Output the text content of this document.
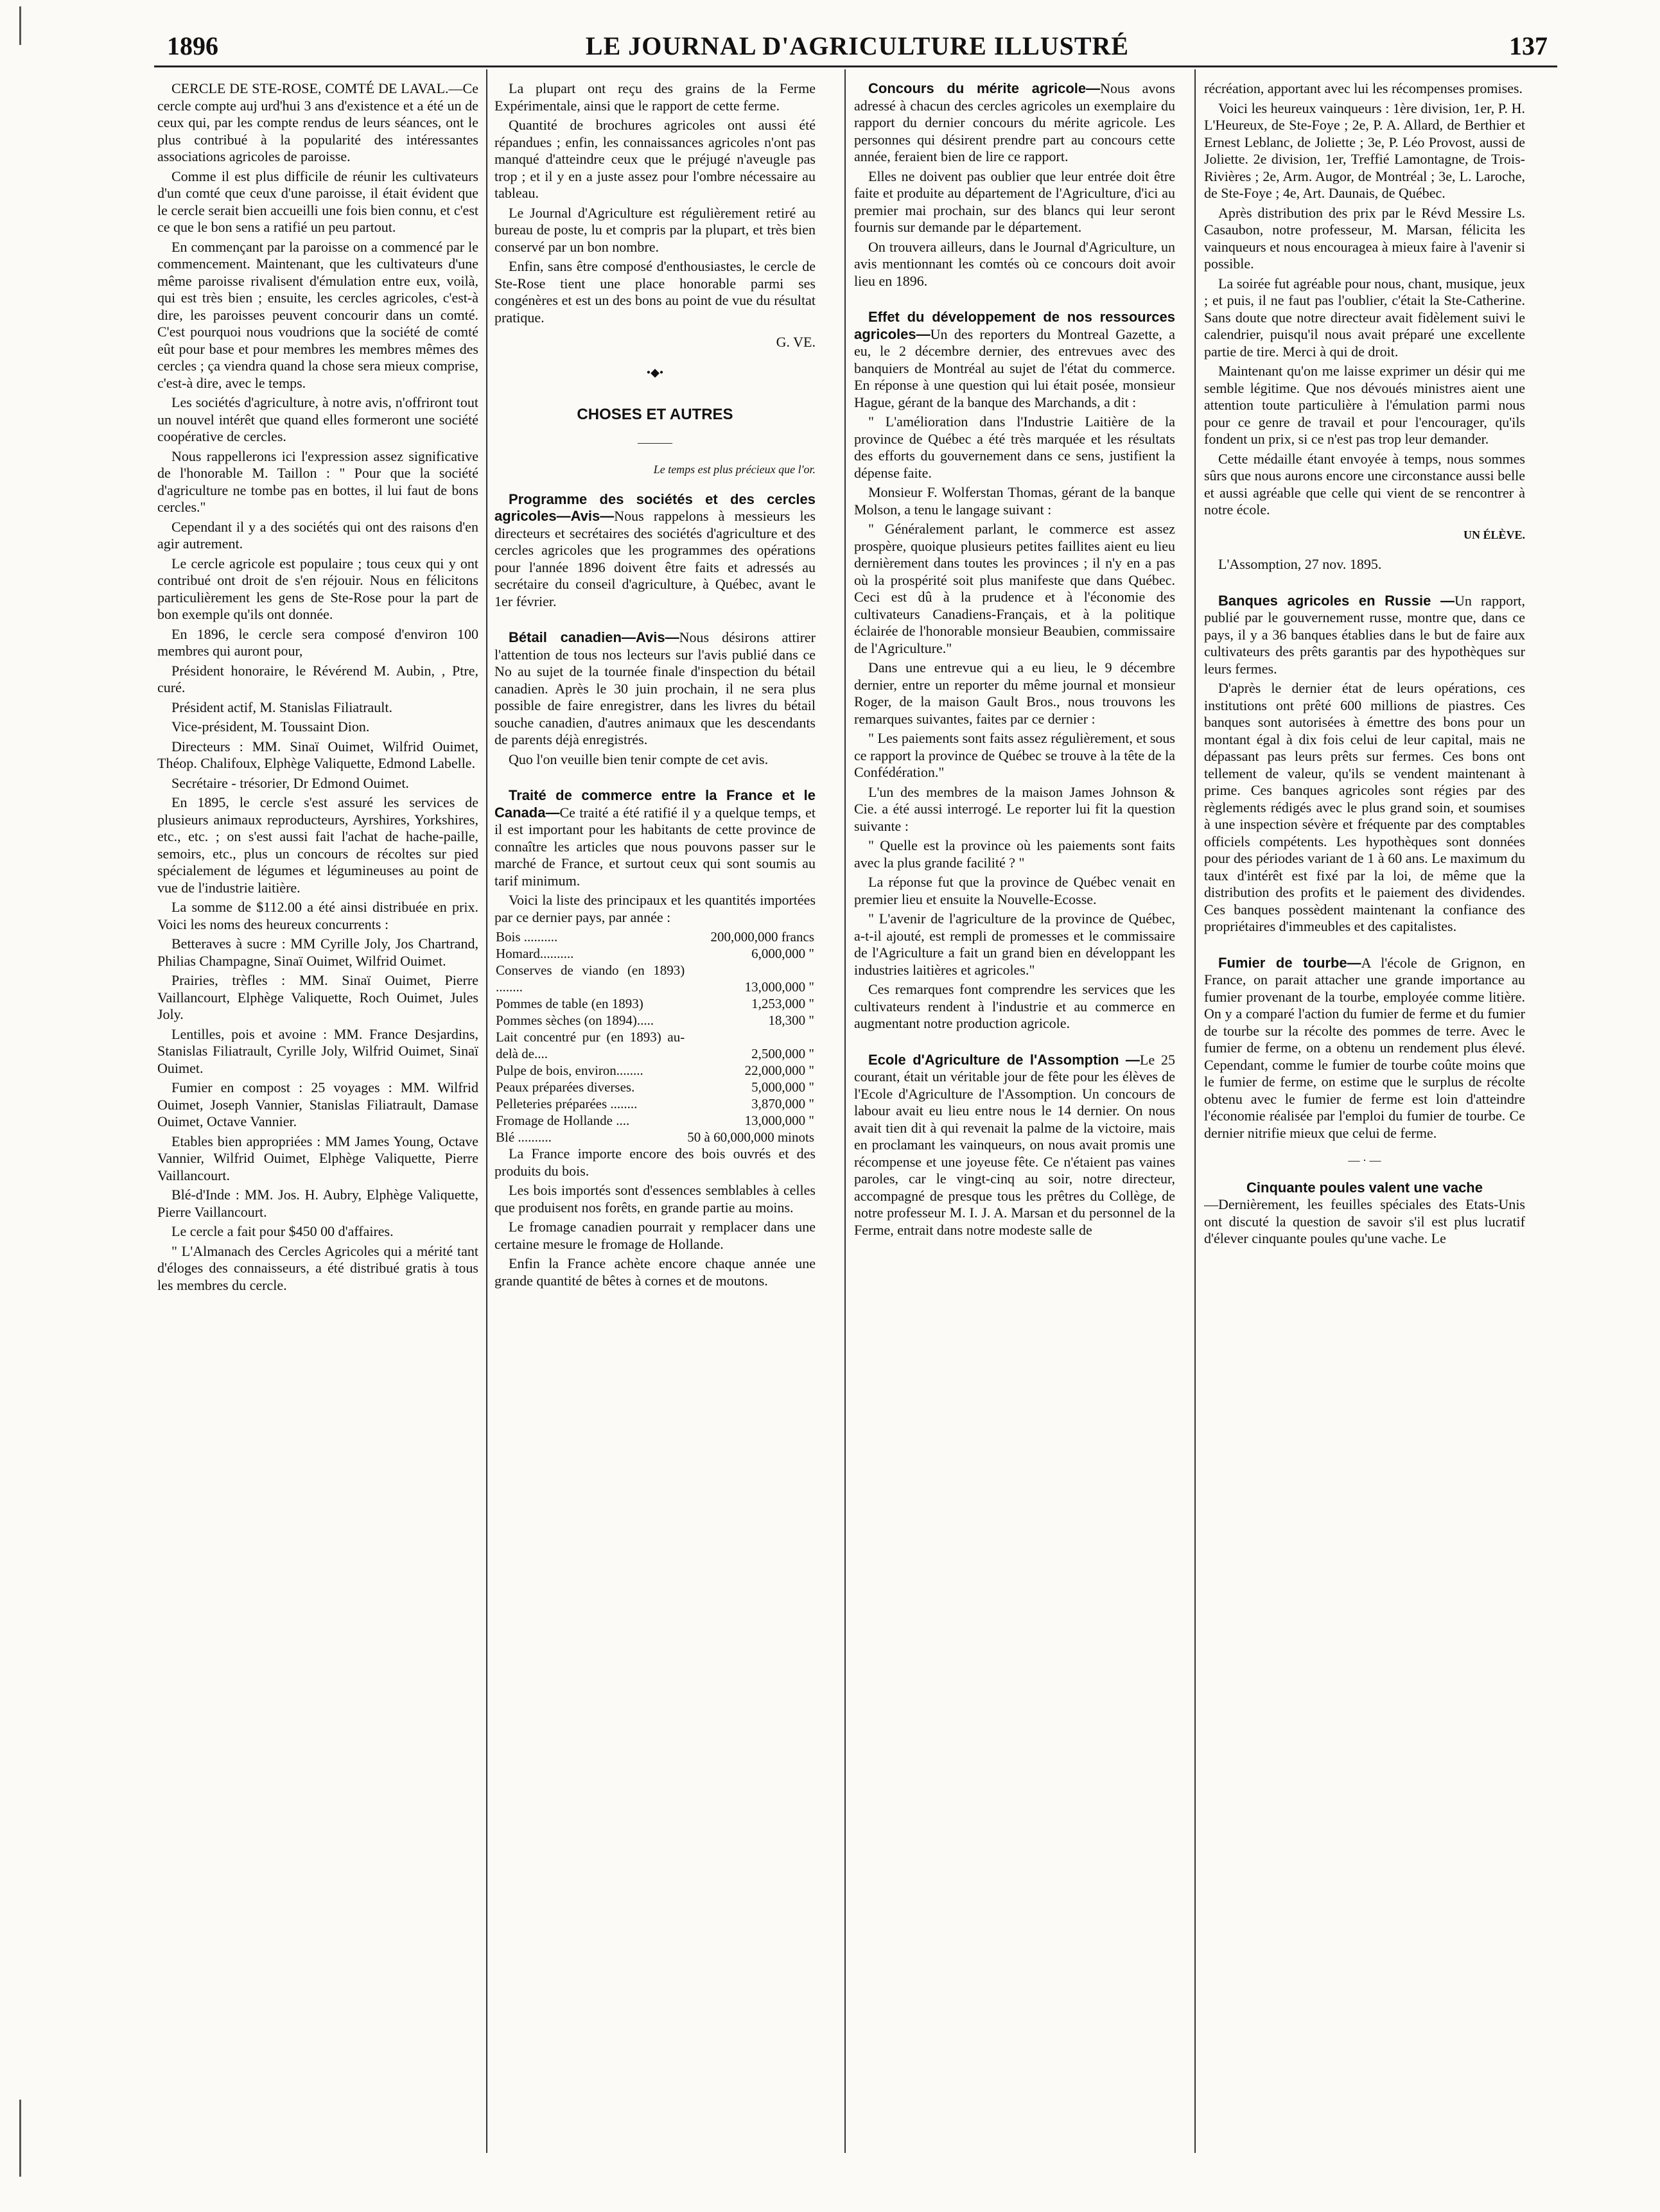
1896	LE JOURNAL D'AGRICULTURE ILLUSTRÉ	137

CERCLE DE STE-ROSE, COMTÉ DE LAVAL.—Ce cercle compte auj urd'hui 3 ans d'existence et a été un de ceux qui, par les compte rendus de leurs séances, ont le plus contribué à la popularité des intéressantes associations agricoles de paroisse.

Comme il est plus difficile de réunir les cultivateurs d'un comté que ceux d'une paroisse, il était évident que le cercle serait bien accueilli une fois bien connu, et c'est ce que le bon sens a ratifié un peu partout.

En commençant par la paroisse on a commencé par le commencement. Maintenant, que les cultivateurs d'une même paroisse rivalisent d'émulation entre eux, voilà, qui est très bien ; ensuite, les cercles agricoles, c'est-à dire, les paroisses peuvent concourir dans un comté. C'est pourquoi nous voudrions que la société de comté eût pour base et pour membres les membres mêmes des cercles ; ça viendra quand la chose sera mieux comprise, c'est-à dire, avec le temps.

Les sociétés d'agriculture, à notre avis, n'offriront tout un nouvel intérêt que quand elles formeront une société coopérative de cercles.

Nous rappellerons ici l'expression assez significative de l'honorable M. Taillon : " Pour que la société d'agriculture ne tombe pas en bottes, il lui faut de bons cercles."

Cependant il y a des sociétés qui ont des raisons d'en agir autrement.

Le cercle agricole est populaire ; tous ceux qui y ont contribué ont droit de s'en réjouir. Nous en félicitons particulièrement les gens de Ste-Rose pour la part de bon exemple qu'ils ont donnée.

En 1896, le cercle sera composé d'environ 100 membres qui auront pour,

Président honoraire, le Révérend M. Aubin, , Ptre, curé.

Président actif, M. Stanislas Filiatrault.

Vice-président, M. Toussaint Dion.

Directeurs : MM. Sinaï Ouimet, Wilfrid Ouimet, Théop. Chalifoux, Elphège Valiquette, Edmond Labelle.

Secrétaire - trésorier, Dr Edmond Ouimet.

En 1895, le cercle s'est assuré les services de plusieurs animaux reproducteurs, Ayrshires, Yorkshires, etc., etc. ; on s'est aussi fait l'achat de hache-paille, semoirs, etc., plus un concours de récoltes sur pied spécialement de légumes et légumineuses au point de vue de l'industrie laitière.

La somme de $112.00 a été ainsi distribuée en prix. Voici les noms des heureux concurrents :

Betteraves à sucre : MM Cyrille Joly, Jos Chartrand, Philias Champagne, Sinaï Ouimet, Wilfrid Ouimet.

Prairies, trèfles : MM. Sinaï Ouimet, Pierre Vaillancourt, Elphège Valiquette, Roch Ouimet, Jules Joly.

Lentilles, pois et avoine : MM. France Desjardins, Stanislas Filiatrault, Cyrille Joly, Wilfrid Ouimet, Sinaï Ouimet.

Fumier en compost : 25 voyages : MM. Wilfrid Ouimet, Joseph Vannier, Stanislas Filiatrault, Damase Ouimet, Octave Vannier.

Etables bien appropriées : MM James Young, Octave Vannier, Wilfrid Ouimet, Elphège Valiquette, Pierre Vaillancourt.

Blé-d'Inde : MM. Jos. H. Aubry, Elphège Valiquette, Pierre Vaillancourt.

Le cercle a fait pour $450 00 d'affaires.

" L'Almanach des Cercles Agricoles qui a mérité tant d'éloges des connaisseurs, a été distribué gratis à tous les membres du cercle.

La plupart ont reçu des grains de la Ferme Expérimentale, ainsi que le rapport de cette ferme.

Quantité de brochures agricoles ont aussi été répandues ; enfin, les connaissances agricoles n'ont pas manqué d'atteindre ceux que le préjugé n'aveugle pas trop ; et il y en a juste assez pour l'ombre nécessaire au tableau.

Le Journal d'Agriculture est régulièrement retiré au bureau de poste, lu et compris par la plupart, et très bien conservé par un bon nombre.

Enfin, sans être composé d'enthousiastes, le cercle de Ste-Rose tient une place honorable parmi ses congénères et est un des bons au point de vue du résultat pratique.

G. VE.
•◆•
CHOSES ET AUTRES
———
Le temps est plus précieux que l'or.

Programme des sociétés et des cercles agricoles—Avis—Nous rappelons à messieurs les directeurs et secrétaires des sociétés d'agriculture et des cercles agricoles que les programmes des opérations pour l'année 1896 doivent être faits et adressés au secrétaire du conseil d'agriculture, à Québec, avant le 1er février.

Bétail canadien—Avis—Nous désirons attirer l'attention de tous nos lecteurs sur l'avis publié dans ce No au sujet de la tournée finale d'inspection du bétail canadien. Après le 30 juin prochain, il ne sera plus possible de faire enregistrer, dans les livres du bétail souche canadien, d'autres animaux que les descendants de parents déjà enregistrés.

Quo l'on veuille bien tenir compte de cet avis.

Traité de commerce entre la France et le Canada—Ce traité a été ratifié il y a quelque temps, et il est important pour les habitants de cette province de connaître les articles que nous pouvons passer sur le marché de France, et surtout ceux qui sont soumis au tarif minimum.

Voici la liste des principaux et les quantités importées par ce dernier pays, par année :

Bois ..........	200,000,000 francs
Homard..........	6,000,000 "
Conserves de viando (en 1893) ........	13,000,000 "
Pommes de table (en 1893)	1,253,000 "
Pommes sèches (on 1894).....	18,300 "
Lait concentré pur (en 1893) au-delà de....	2,500,000 "
Pulpe de bois, environ........	22,000,000 "
Peaux préparées diverses.	5,000,000 "
Pelleteries préparées ........	3,870,000 "
Fromage de Hollande ....	13,000,000 "
Blé ..........	50 à 60,000,000 minots

La France importe encore des bois ouvrés et des produits du bois.

Les bois importés sont d'essences semblables à celles que produisent nos forêts, en grande partie au moins.

Le fromage canadien pourrait y remplacer dans une certaine mesure le fromage de Hollande.

Enfin la France achète encore chaque année une grande quantité de bêtes à cornes et de moutons.

Concours du mérite agricole—Nous avons adressé à chacun des cercles agricoles un exemplaire du rapport du dernier concours du mérite agricole. Les personnes qui désirent prendre part au concours cette année, feraient bien de lire ce rapport.

Elles ne doivent pas oublier que leur entrée doit être faite et produite au département de l'Agriculture, d'ici au premier mai prochain, sur des blancs qui leur seront fournis sur demande par le département.

On trouvera ailleurs, dans le Journal d'Agriculture, un avis mentionnant les comtés où ce concours doit avoir lieu en 1896.

Effet du développement de nos ressources agricoles—Un des reporters du Montreal Gazette, a eu, le 2 décembre dernier, des entrevues avec des banquiers de Montréal au sujet de l'état du commerce. En réponse à une question qui lui était posée, monsieur Hague, gérant de la banque des Marchands, a dit :

" L'amélioration dans l'Industrie Laitière de la province de Québec a été très marquée et les résultats des efforts du gouvernement dans ce sens, justifient la dépense faite.

Monsieur F. Wolferstan Thomas, gérant de la banque Molson, a tenu le langage suivant :

" Généralement parlant, le commerce est assez prospère, quoique plusieurs petites faillites aient eu lieu dernièrement dans toutes les provinces ; il n'y en a pas où la prospérité soit plus manifeste que dans Québec. Ceci est dû à la prudence et à l'économie des cultivateurs Canadiens-Français, et à la politique éclairée de l'honorable monsieur Beaubien, commissaire de l'Agriculture."

Dans une entrevue qui a eu lieu, le 9 décembre dernier, entre un reporter du même journal et monsieur Roger, de la maison Gault Bros., nous trouvons les remarques suivantes, faites par ce dernier :

" Les paiements sont faits assez régulièrement, et sous ce rapport la province de Québec se trouve à la tête de la Confédération."

L'un des membres de la maison James Johnson & Cie. a été aussi interrogé. Le reporter lui fit la question suivante :

" Quelle est la province où les paiements sont faits avec la plus grande facilité ? "

La réponse fut que la province de Québec venait en premier lieu et ensuite la Nouvelle-Ecosse.

" L'avenir de l'agriculture de la province de Québec, a-t-il ajouté, est rempli de promesses et le commissaire de l'Agriculture a fait un grand bien en développant les industries laitières et agricoles."

Ces remarques font comprendre les services que les cultivateurs rendent à l'industrie et au commerce en augmentant notre production agricole.

Ecole d'Agriculture de l'Assomption —Le 25 courant, était un véritable jour de fête pour les élèves de l'Ecole d'Agriculture de l'Assomption. Un concours de labour avait eu lieu entre nous le 14 dernier. On nous avait tien dit à qui revenait la palme de la victoire, mais en proclamant les vainqueurs, on nous avait promis une récompense et une joyeuse fête. Ce n'étaient pas vaines paroles, car le vingt-cinq au soir, notre directeur, accompagné de presque tous les prêtres du Collège, de notre professeur M. I. J. A. Marsan et du personnel de la Ferme, entrait dans notre modeste salle de

récréation, apportant avec lui les récompenses promises.

Voici les heureux vainqueurs : 1ère division, 1er, P. H. L'Heureux, de Ste-Foye ; 2e, P. A. Allard, de Berthier et Ernest Leblanc, de Joliette ; 3e, P. Léo Provost, aussi de Joliette. 2e division, 1er, Treffié Lamontagne, de Trois-Rivières ; 2e, Arm. Augor, de Montréal ; 3e, L. Laroche, de Ste-Foye ; 4e, Art. Daunais, de Québec.

Après distribution des prix par le Révd Messire Ls. Casaubon, notre professeur, M. Marsan, félicita les vainqueurs et nous encouragea à mieux faire à l'avenir si possible.

La soirée fut agréable pour nous, chant, musique, jeux ; et puis, il ne faut pas l'oublier, c'était la Ste-Catherine. Sans doute que notre directeur avait fidèlement suivi le calendrier, puisqu'il nous avait préparé une excellente partie de tire. Merci à qui de droit.

Maintenant qu'on me laisse exprimer un désir qui me semble légitime. Que nos dévoués ministres aient une attention toute particulière à l'émulation parmi nous pour ce genre de travail et pour l'encourager, qu'ils fondent un prix, si ce n'est pas trop leur demander.

Cette médaille étant envoyée à temps, nous sommes sûrs que nous aurons encore une circonstance aussi belle et aussi agréable que celle qui vient de se rencontrer à notre école.

UN ÉLÈVE.

L'Assomption, 27 nov. 1895.

Banques agricoles en Russie —Un rapport, publié par le gouvernement russe, montre que, dans ce pays, il y a 36 banques établies dans le but de faire aux cultivateurs des prêts garantis par des hypothèques sur leurs fermes.

D'après le dernier état de leurs opérations, ces institutions ont prêté 600 millions de piastres. Ces banques sont autorisées à émettre des bons pour un montant égal à dix fois celui de leur capital, mais ne dépassant pas leurs prêts sur fermes. Ces bons ont tellement de valeur, qu'ils se vendent maintenant à prime. Ces banques agricoles sont régies par des règlements rédigés avec le plus grand soin, et soumises à une inspection sévère et fréquente par des comptables officiels compétents. Les hypothèques sont données pour des périodes variant de 1 à 60 ans. Le maximum du taux d'intérêt est fixé par la loi, de même que la distribution des profits et le paiement des dividendes. Ces banques possèdent maintenant la confiance des propriétaires d'immeubles et des capitalistes.

Fumier de tourbe—A l'école de Grignon, en France, on parait attacher une grande importance au fumier provenant de la tourbe, employée comme litière. On y a comparé l'action du fumier de ferme et du fumier de tourbe sur la récolte des pommes de terre. Avec le fumier de ferme, on a obtenu un rendement plus élevé. Cependant, comme le fumier de tourbe coûte moins que le fumier de ferme, on estime que le surplus de récolte obtenu avec le fumier de ferme est loin d'atteindre l'économie réalisée par l'emploi du fumier de tourbe. Ce dernier nitrifie mieux que celui de ferme.

— · —
Cinquante poules valent une vache

—Dernièrement, les feuilles spéciales des Etats-Unis ont discuté la question de savoir s'il est plus lucratif d'élever cinquante poules qu'une vache. Le
